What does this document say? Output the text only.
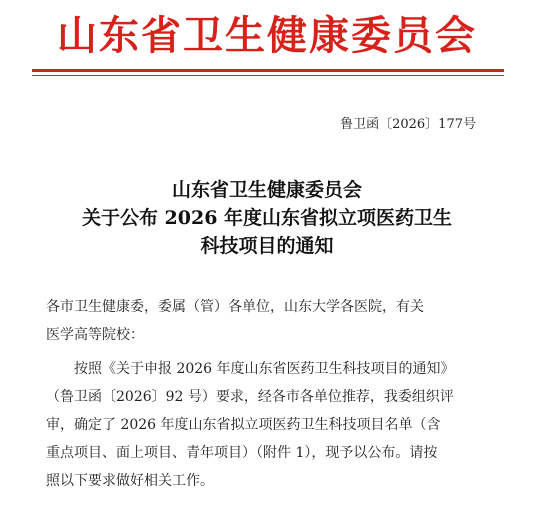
山东省卫生健康委员会
鲁卫函〔2026〕177号
山东省卫生健康委员会
关于公布 2026 年度山东省拟立项医药卫生
科技项目的通知
各市卫生健康委，委属（管）各单位，山东大学各医院，有关
医学高等院校：
按照《关于申报 2026 年度山东省医药卫生科技项目的通知》
（鲁卫函〔2026〕92 号）要求，经各市各单位推荐，我委组织评
审，确定了 2026 年度山东省拟立项医药卫生科技项目名单（含
重点项目、面上项目、青年项目）（附件 1），现予以公布。请按
照以下要求做好相关工作。
